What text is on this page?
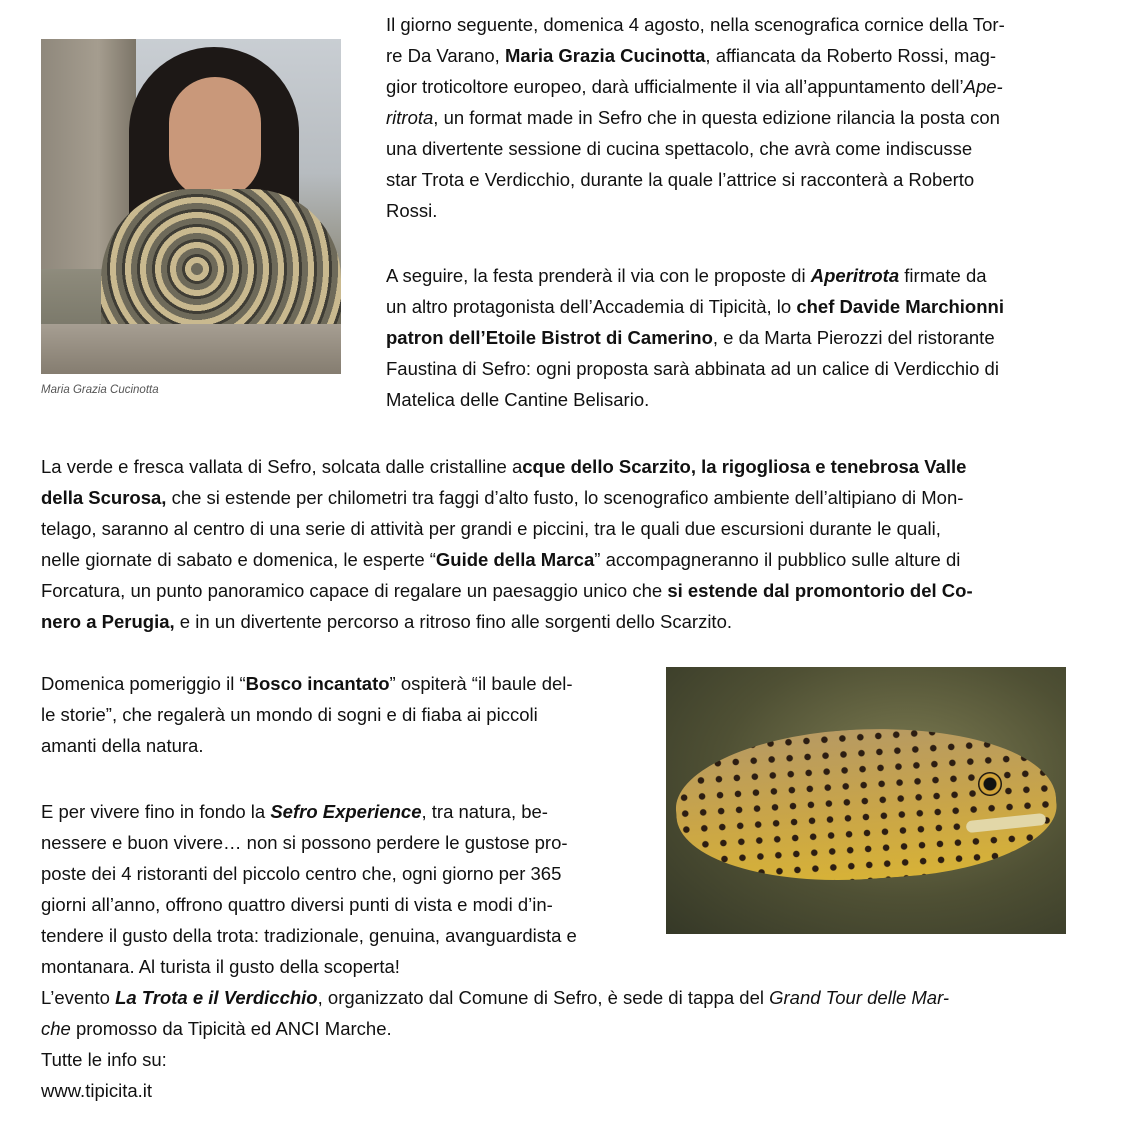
Maria Grazia Cucinotta

Il giorno seguente, domenica 4 agosto, nella scenografica cornice della Tor-

re Da Varano, Maria Grazia Cucinotta, affiancata da Roberto Rossi, mag-

gior troticoltore europeo, darà ufficialmente il via all’appuntamento dell’Ape-

ritrota, un format made in Sefro che in questa edizione rilancia la posta con

una divertente sessione di cucina spettacolo, che avrà come indiscusse

star Trota e Verdicchio, durante la quale l’attrice si racconterà a Roberto

Rossi.

A seguire, la festa prenderà il via con le proposte di Aperitrota firmate da

un altro protagonista dell’Accademia di Tipicità, lo chef Davide Marchionni

patron dell’Etoile Bistrot di Camerino, e da Marta Pierozzi del ristorante

Faustina di Sefro: ogni proposta sarà abbinata ad un calice di Verdicchio di

Matelica delle Cantine Belisario.

La verde e fresca vallata di Sefro, solcata dalle cristalline acque dello Scarzito, la rigogliosa e tenebrosa Valle

della Scurosa, che si estende per chilometri tra faggi d’alto fusto, lo scenografico ambiente dell’altipiano di Mon-

telago, saranno al centro di una serie di attività per grandi e piccini, tra le quali due escursioni durante le quali,

nelle giornate di sabato e domenica, le esperte “Guide della Marca” accompagneranno il pubblico sulle alture di

Forcatura, un punto panoramico capace di regalare un paesaggio unico che si estende dal promontorio del Co-

nero a Perugia, e in un divertente percorso a ritroso fino alle sorgenti dello Scarzito.

Domenica pomeriggio il “Bosco incantato” ospiterà “il baule del-

le storie”, che regalerà un mondo di sogni e di fiaba ai piccoli

amanti della natura.

E per vivere fino in fondo la Sefro Experience, tra natura, be-

nessere e buon vivere… non si possono perdere le gustose pro-

poste dei 4 ristoranti del piccolo centro che, ogni giorno per 365

giorni all’anno, offrono quattro diversi punti di vista e modi d’in-

tendere il gusto della trota: tradizionale, genuina, avanguardista e

montanara. Al turista il gusto della scoperta!

L’evento La Trota e il Verdicchio, organizzato dal Comune di Sefro, è sede di tappa del Grand Tour delle Mar-

che promosso da Tipicità ed ANCI Marche.

Tutte le info su:

www.tipicita.it
